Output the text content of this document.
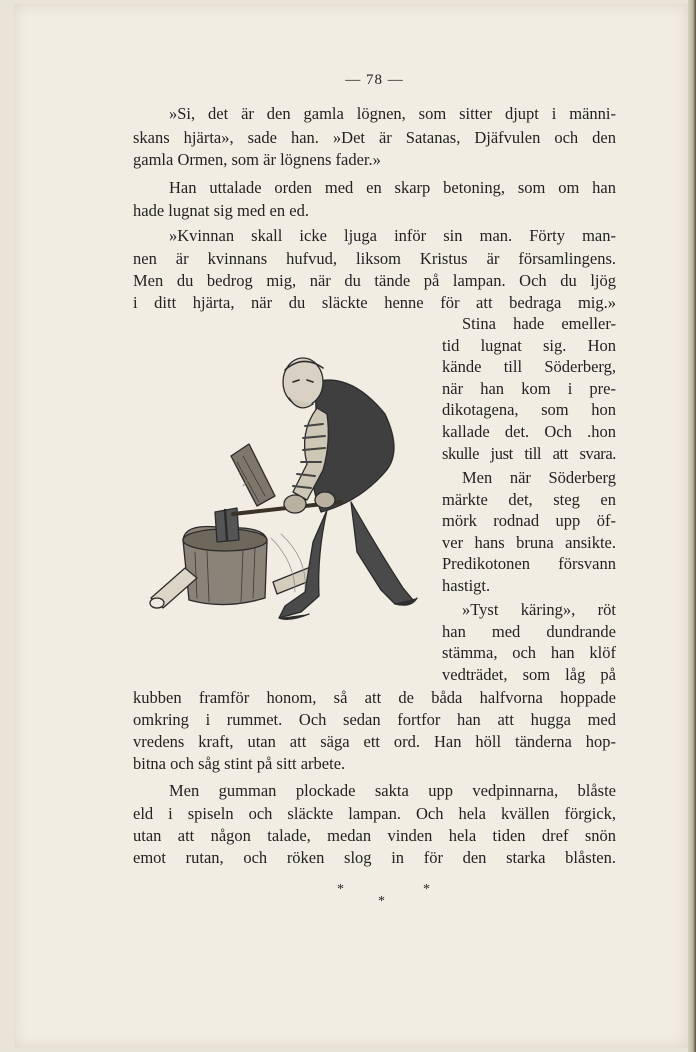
— 78 —
»Si, det är den gamla lögnen, som sitter djupt i männi-
skans hjärta», sade han. »Det är Satanas, Djäfvulen och den
gamla Ormen, som är lögnens fader.»
Han uttalade orden med en skarp betoning, som om han
hade lugnat sig med en ed.
»Kvinnan skall icke ljuga inför sin man. Förty man-
nen är kvinnans hufvud, liksom Kristus är församlingens.
Men du bedrog mig, när du tände på lampan. Och du ljög
i ditt hjärta, när du släckte henne för att bedraga mig.»
Stina hade emeller-
tid lugnat sig. Hon
kände till Söderberg,
när han kom i pre-
dikotagena, som hon
kallade det. Och .hon
skulle just till att svara.
Men när Söderberg
märkte det, steg en
mörk rodnad upp öf-
ver hans bruna ansikte.
Predikotonen försvann
hastigt.
»Tyst käring», röt
han med dundrande
stämma, och han klöf
vedträdet, som låg på
kubben framför honom, så att de båda halfvorna hoppade
omkring i rummet. Och sedan fortfor han att hugga med
vredens kraft, utan att säga ett ord. Han höll tänderna hop-
bitna och såg stint på sitt arbete.
Men gumman plockade sakta upp vedpinnarna, blåste
eld i spiseln och släckte lampan. Och hela kvällen förgick,
utan att någon talade, medan vinden hela tiden dref snön
emot rutan, och röken slog in för den starka blåsten.
*	*
*
